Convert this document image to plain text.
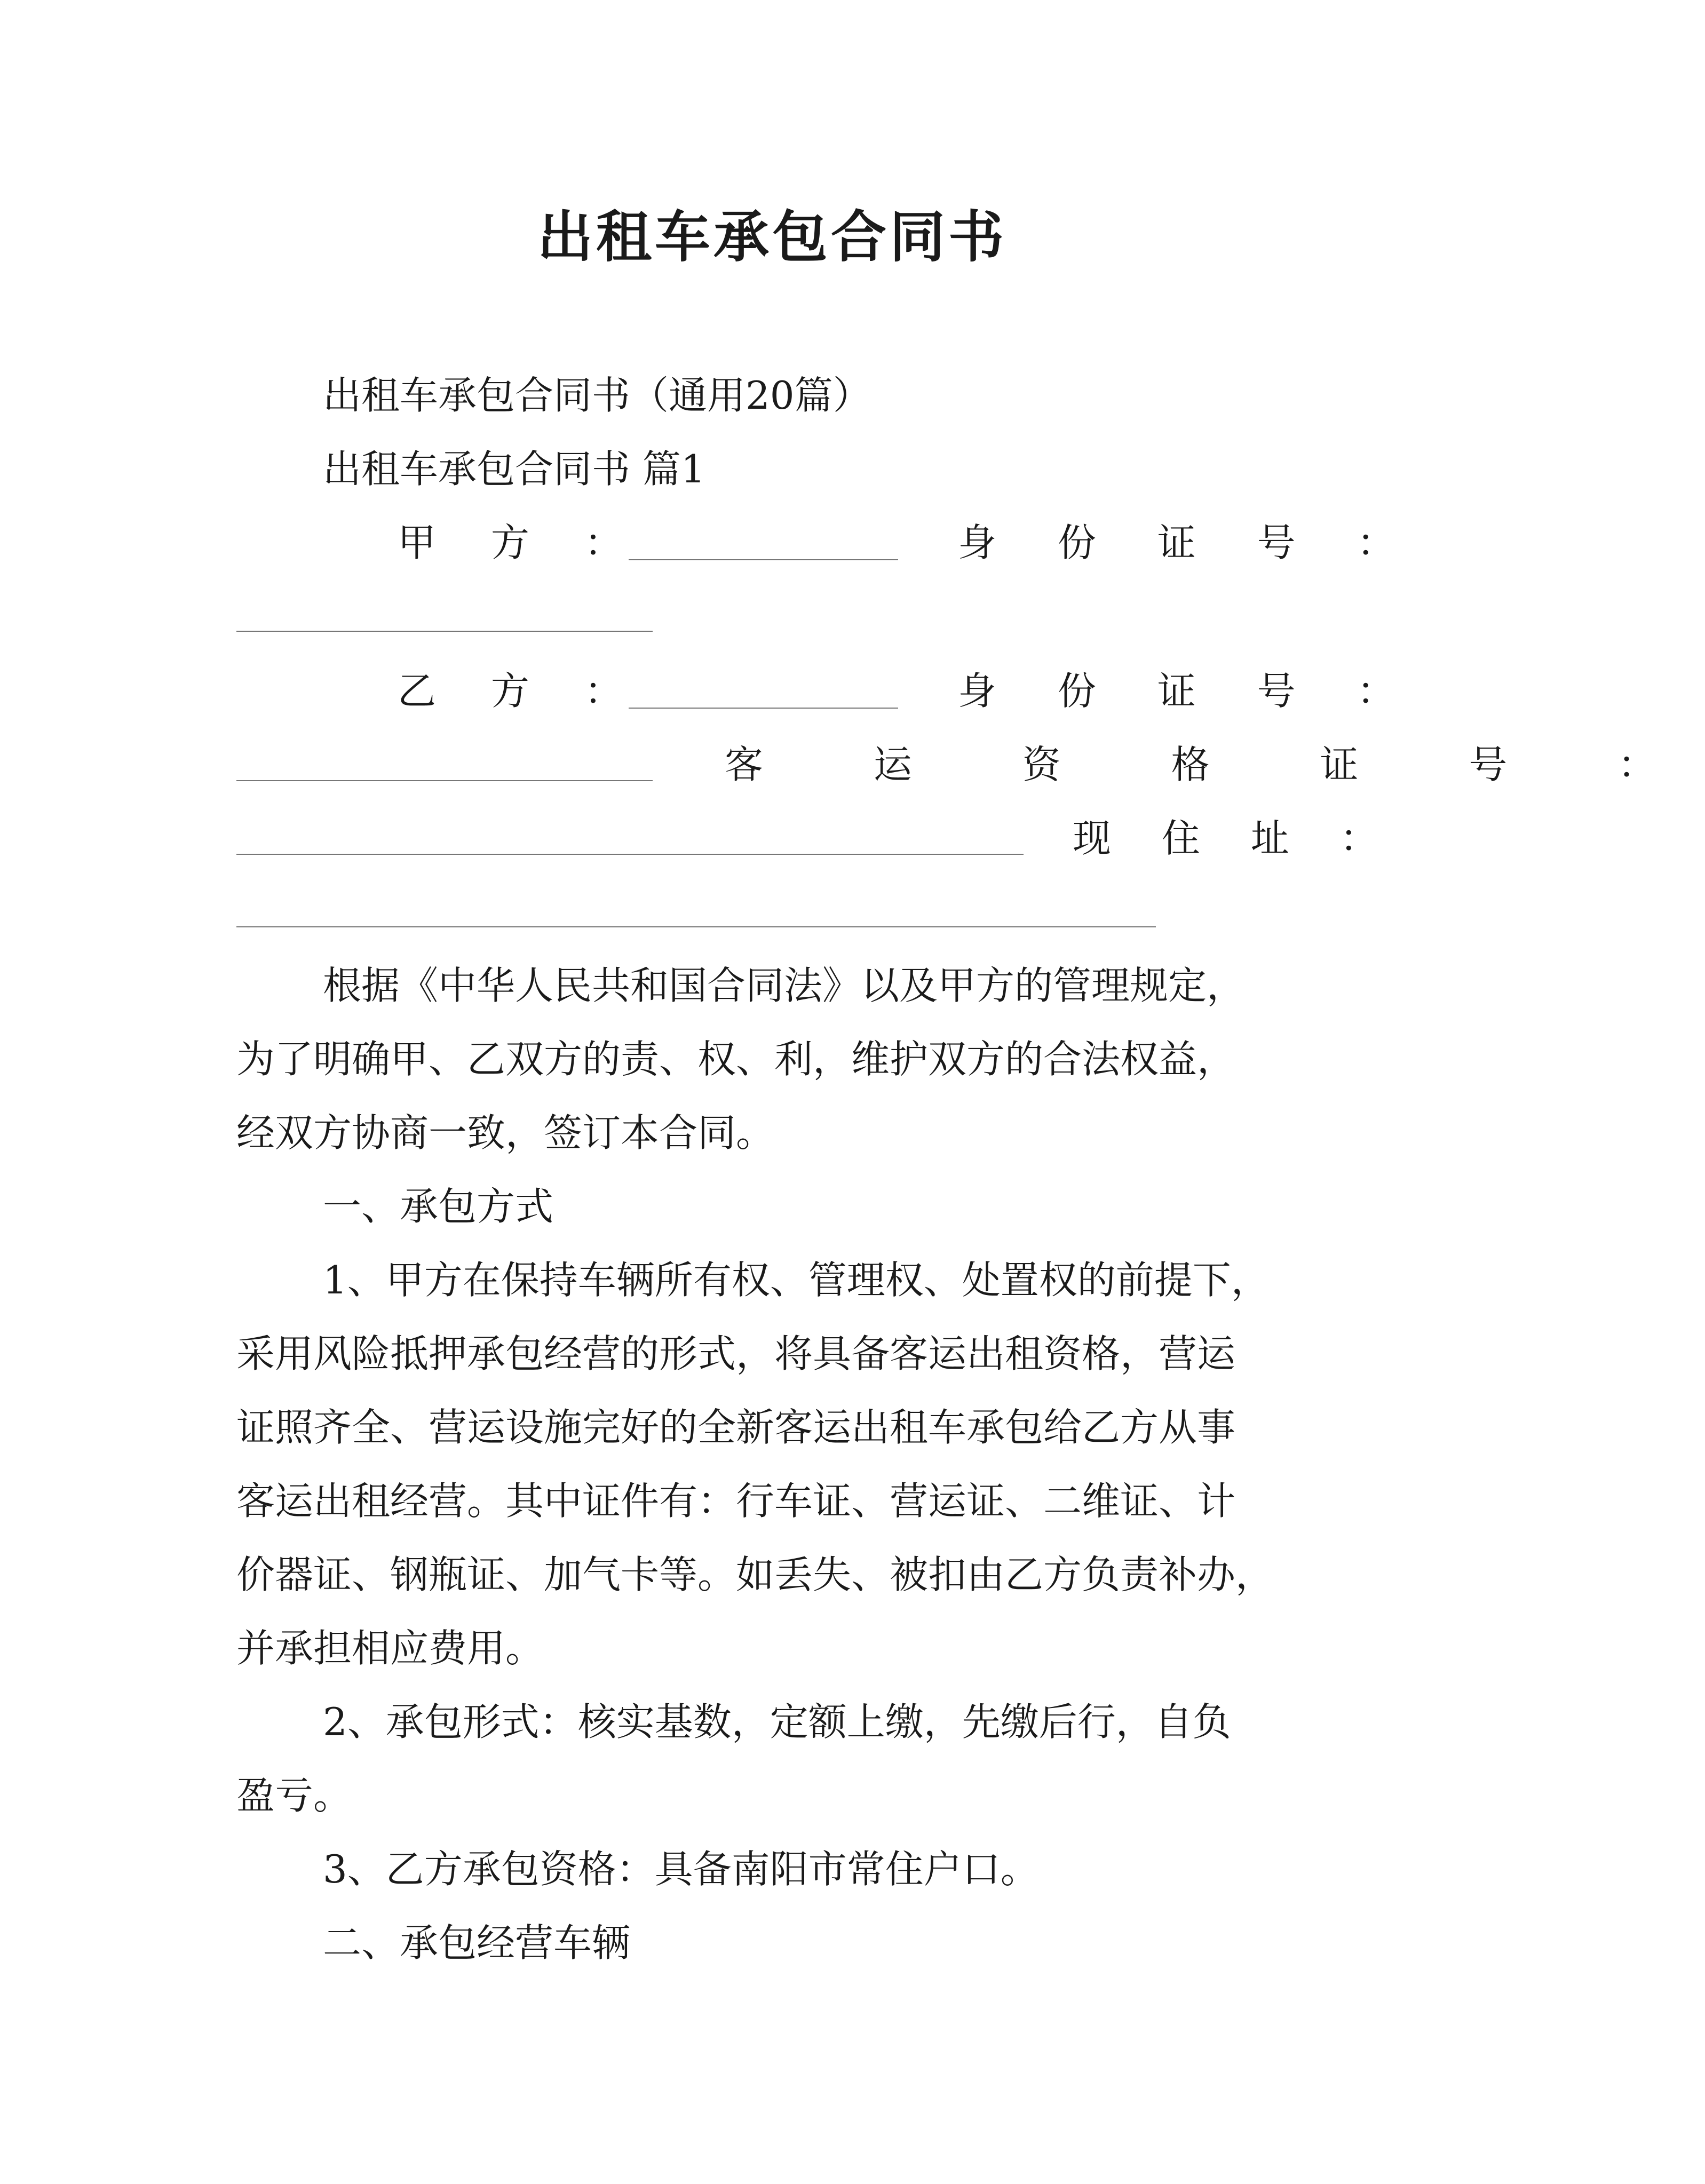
出租车承包合同书
出租车承包合同书（通用20篇）
出租车承包合同书 篇1
甲 方 ：	身 份 证 号 ：
乙 方 ：	身 份 证 号 ：
客 运 资 格 证 号 ：
现 住 址 ：
根据《中华人民共和国合同法》以及甲方的管理规定，
为了明确甲、乙双方的责、权、利，维护双方的合法权益，
经双方协商一致，签订本合同。
一、承包方式
1、甲方在保持车辆所有权、管理权、处置权的前提下，
采用风险抵押承包经营的形式，将具备客运出租资格，营运
证照齐全、营运设施完好的全新客运出租车承包给乙方从事
客运出租经营。其中证件有：行车证、营运证、二维证、计
价器证、钢瓶证、加气卡等。如丢失、被扣由乙方负责补办，
并承担相应费用。
2、承包形式：核实基数，定额上缴，先缴后行，自负
盈亏。
3、乙方承包资格：具备南阳市常住户口。
二、承包经营车辆
